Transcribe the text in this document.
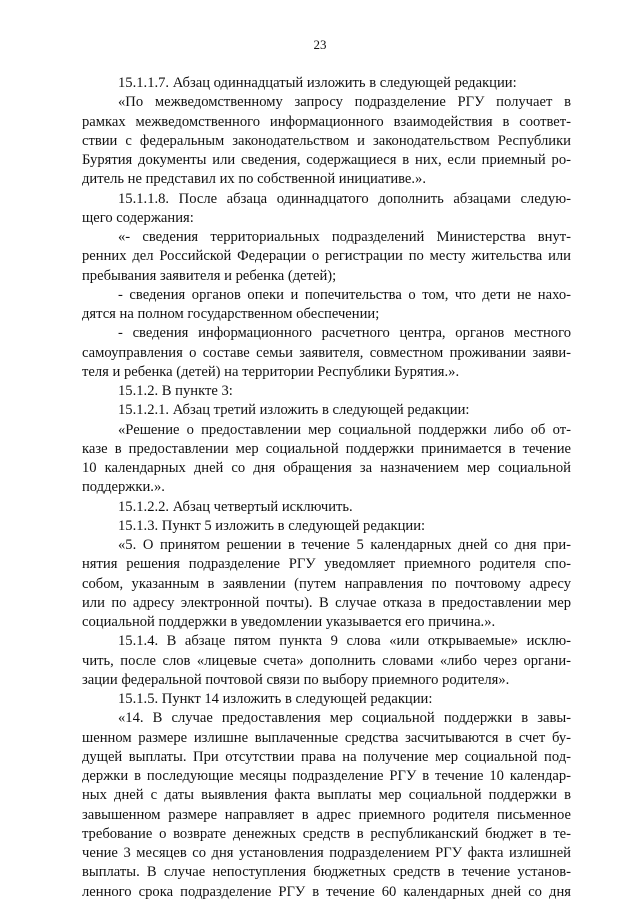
23
15.1.1.7. Абзац одиннадцатый изложить в следующей редакции:
«По межведомственному запросу подразделение РГУ получает в
рамках межведомственного информационного взаимодействия в соответ-
ствии с федеральным законодательством и законодательством Республики
Бурятия документы или сведения, содержащиеся в них, если приемный ро-
дитель не представил их по собственной инициативе.».
15.1.1.8. После абзаца одиннадцатого дополнить абзацами следую-
щего содержания:
«- сведения территориальных подразделений Министерства внут-
ренних дел Российской Федерации о регистрации по месту жительства или
пребывания заявителя и ребенка (детей);
- сведения органов опеки и попечительства о том, что дети не нахо-
дятся на полном государственном обеспечении;
- сведения информационного расчетного центра, органов местного
самоуправления о составе семьи заявителя, совместном проживании заяви-
теля и ребенка (детей) на территории Республики Бурятия.».
15.1.2. В пункте 3:
15.1.2.1. Абзац третий изложить в следующей редакции:
«Решение о предоставлении мер социальной поддержки либо об от-
казе в предоставлении мер социальной поддержки принимается в течение
10 календарных дней со дня обращения за назначением мер социальной
поддержки.».
15.1.2.2. Абзац четвертый исключить.
15.1.3. Пункт 5 изложить в следующей редакции:
«5. О принятом решении в течение 5 календарных дней со дня при-
нятия решения подразделение РГУ уведомляет приемного родителя спо-
собом, указанным в заявлении (путем направления по почтовому адресу
или по адресу электронной почты). В случае отказа в предоставлении мер
социальной поддержки в уведомлении указывается его причина.».
15.1.4. В абзаце пятом пункта 9 слова «или открываемые» исклю-
чить, после слов «лицевые счета» дополнить словами «либо через органи-
зации федеральной почтовой связи по выбору приемного родителя».
15.1.5. Пункт 14 изложить в следующей редакции:
«14. В случае предоставления мер социальной поддержки в завы-
шенном размере излишне выплаченные средства засчитываются в счет бу-
дущей выплаты. При отсутствии права на получение мер социальной под-
держки в последующие месяцы подразделение РГУ в течение 10 календар-
ных дней с даты выявления факта выплаты мер социальной поддержки в
завышенном размере направляет в адрес приемного родителя письменное
требование о возврате денежных средств в республиканский бюджет в те-
чение 3 месяцев со дня установления подразделением РГУ факта излишней
выплаты. В случае непоступления бюджетных средств в течение установ-
ленного срока подразделение РГУ в течение 60 календарных дней со дня
